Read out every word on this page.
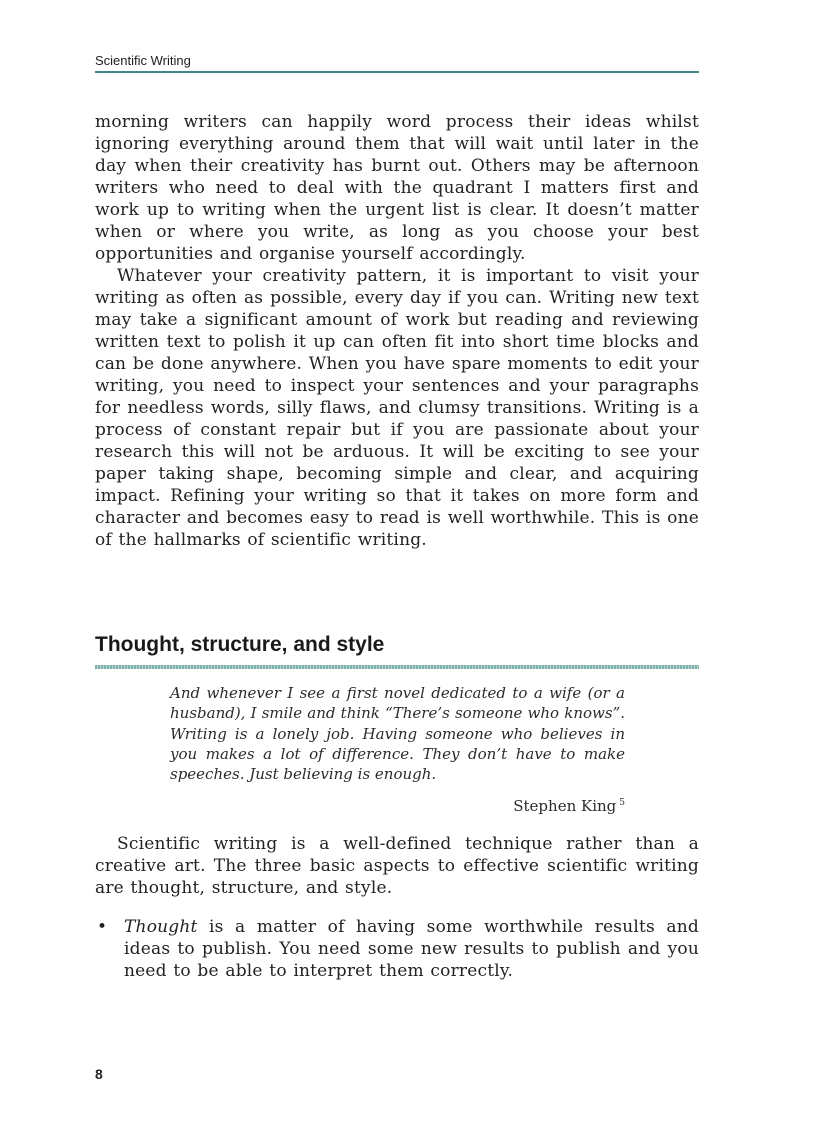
Scientific Writing

morning writers can happily word process their ideas whilst ignoring everything around them that will wait until later in the day when their creativity has burnt out. Others may be afternoon writers who need to deal with the quadrant I matters first and work up to writing when the urgent list is clear. It doesn’t matter when or where you write, as long as you choose your best opportunities and organise yourself accordingly.

Whatever your creativity pattern, it is important to visit your writing as often as possible, every day if you can. Writing new text may take a significant amount of work but reading and reviewing written text to polish it up can often fit into short time blocks and can be done anywhere. When you have spare moments to edit your writing, you need to inspect your sentences and your paragraphs for needless words, silly flaws, and clumsy transitions. Writing is a process of constant repair but if you are passionate about your research this will not be arduous. It will be exciting to see your paper taking shape, becoming simple and clear, and acquiring impact. Refining your writing so that it takes on more form and character and becomes easy to read is well worthwhile. This is one of the hallmarks of scientific writing.

Thought, structure, and style

And whenever I see a first novel dedicated to a wife (or a husband), I smile and think “There’s someone who knows”. Writing is a lonely job. Having someone who believes in you makes a lot of difference. They don’t have to make speeches. Just believing is enough.

Stephen King $^5$

Scientific writing is a well-defined technique rather than a creative art. The three basic aspects to effective scientific writing are thought, structure, and style.

• Thought is a matter of having some worthwhile results and ideas to publish. You need some new results to publish and you need to be able to interpret them correctly.

8
